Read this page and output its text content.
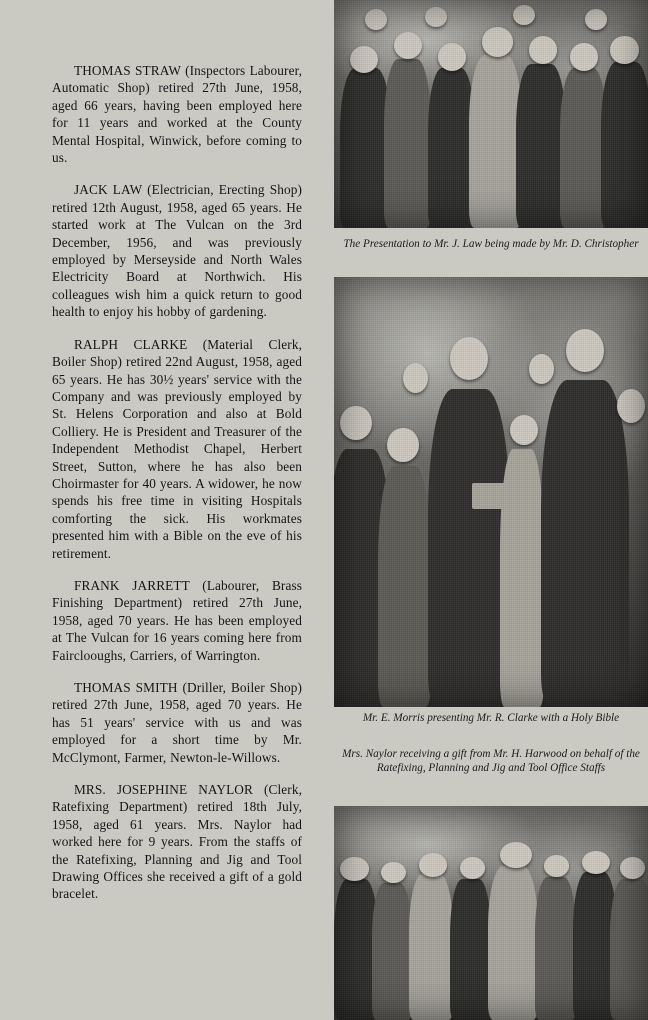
THOMAS STRAW (Inspectors Labourer, Automatic Shop) retired 27th June, 1958, aged 66 years, having been employed here for 11 years and worked at the County Mental Hospital, Winwick, before coming to us.

JACK LAW (Electrician, Erecting Shop) retired 12th August, 1958, aged 65 years. He started work at The Vulcan on the 3rd December, 1956, and was previously employed by Merseyside and North Wales Electricity Board at Northwich. His colleagues wish him a quick return to good health to enjoy his hobby of gardening.

RALPH CLARKE (Material Clerk, Boiler Shop) retired 22nd August, 1958, aged 65 years. He has 30½ years' service with the Company and was previously employed by St. Helens Corporation and also at Bold Colliery. He is President and Treasurer of the Independent Methodist Chapel, Herbert Street, Sutton, where he has also been Choirmaster for 40 years. A widower, he now spends his free time in visiting Hospitals comforting the sick. His workmates presented him with a Bible on the eve of his retirement.

FRANK JARRETT (Labourer, Brass Finishing Department) retired 27th June, 1958, aged 70 years. He has been employed at The Vulcan for 16 years coming here from Fairclooughs, Carriers, of Warrington.

THOMAS SMITH (Driller, Boiler Shop) retired 27th June, 1958, aged 70 years. He has 51 years' service with us and was employed for a short time by Mr. McClymont, Farmer, Newton-le-Willows.

MRS. JOSEPHINE NAYLOR (Clerk, Ratefixing Department) retired 18th July, 1958, aged 61 years. Mrs. Naylor had worked here for 9 years. From the staffs of the Ratefixing, Planning and Jig and Tool Drawing Offices she received a gift of a gold bracelet.

The Presentation to Mr. J. Law being made by Mr. D. Christopher
Mr. E. Morris presenting Mr. R. Clarke with a Holy Bible
Mrs. Naylor receiving a gift from Mr. H. Harwood on behalf of the Ratefixing, Planning and Jig and Tool Office Staffs
